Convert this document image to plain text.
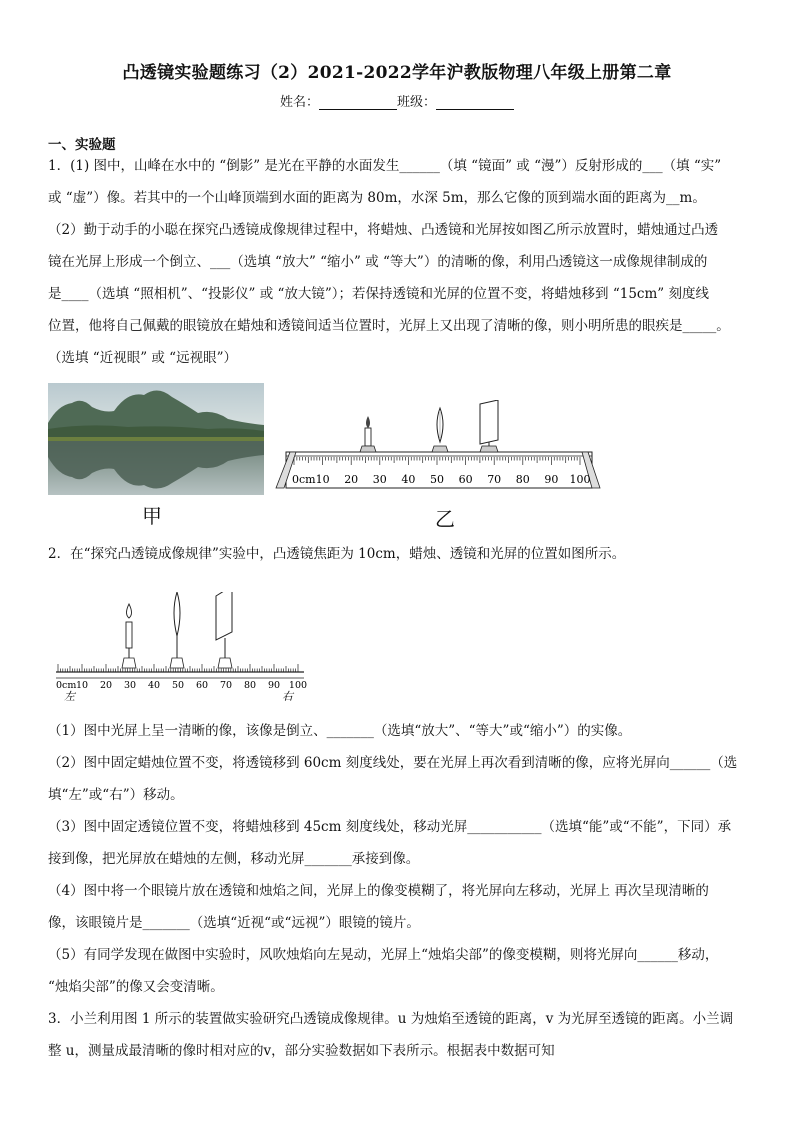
凸透镜实验题练习（2）2021-2022学年沪教版物理八年级上册第二章
姓名：	班级：
一、实验题
1．(1) 图中，山峰在水中的 “倒影” 是光在平静的水面发生______（填 “镜面” 或 “漫”）反射形成的___（填 “实”
或 “虚”）像。若其中的一个山峰顶端到水面的距离为 80m，水深 5m，那么它像的顶到端水面的距离为__m。
（2）勤于动手的小聪在探究凸透镜成像规律过程中，将蜡烛、凸透镜和光屏按如图乙所示放置时，蜡烛通过凸透
镜在光屏上形成一个倒立、___（选填 “放大” “缩小” 或 “等大”）的清晰的像，利用凸透镜这一成像规律制成的
是____（选填 “照相机”、“投影仪” 或 “放大镜”）；若保持透镜和光屏的位置不变，将蜡烛移到 “15cm” 刻度线
位置，他将自己佩戴的眼镜放在蜡烛和透镜间适当位置时，光屏上又出现了清晰的像，则小明所患的眼疾是_____。
（选填 “近视眼” 或 “远视眼”）
甲
0cm 10 20 30 40 50 60 70 80 90 100
乙
2．在“探究凸透镜成像规律”实验中，凸透镜焦距为 10cm，蜡烛、透镜和光屏的位置如图所示。
0cm 10 20 30 40 50 60 70 80 90 100
左	右
（1）图中光屏上呈一清晰的像，该像是倒立、_______（选填“放大”、“等大”或“缩小”）的实像。
（2）图中固定蜡烛位置不变，将透镜移到 60cm 刻度线处，要在光屏上再次看到清晰的像，应将光屏向______（选
填“左”或“右”）移动。
（3）图中固定透镜位置不变，将蜡烛移到 45cm 刻度线处，移动光屏___________（选填“能”或“不能”，下同）承
接到像，把光屏放在蜡烛的左侧，移动光屏_______承接到像。
（4）图中将一个眼镜片放在透镜和烛焰之间，光屏上的像变模糊了，将光屏向左移动，光屏上 再次呈现清晰的
像，该眼镜片是_______（选填“近视“或“远视”）眼镜的镜片。
（5）有同学发现在做图中实验时，风吹烛焰向左晃动，光屏上“烛焰尖部”的像变模糊，则将光屏向______移动，
“烛焰尖部”的像又会变清晰。
3．小兰利用图 1 所示的装置做实验研究凸透镜成像规律。u 为烛焰至透镜的距离，v 为光屏至透镜的距离。小兰调
整 u，测量成最清晰的像时相对应的v，部分实验数据如下表所示。根据表中数据可知
